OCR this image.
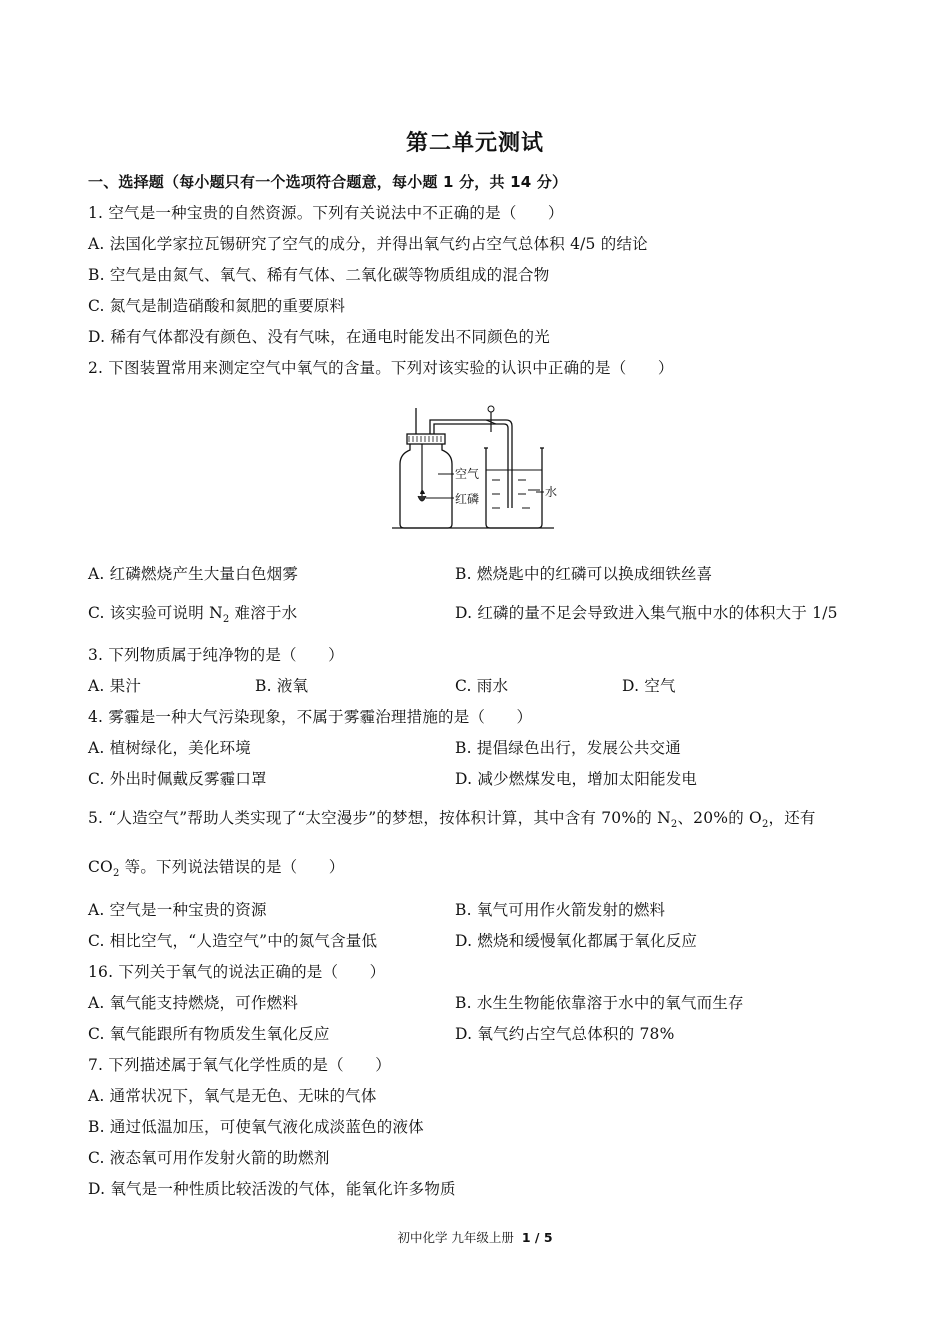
第二单元测试
一、选择题（每小题只有一个选项符合题意，每小题 1 分，共 14 分）
1. 空气是一种宝贵的自然资源。下列有关说法中不正确的是（　　）
A. 法国化学家拉瓦锡研究了空气的成分，并得出氧气约占空气总体积 4/5 的结论
B. 空气是由氮气、氧气、稀有气体、二氧化碳等物质组成的混合物
C. 氮气是制造硝酸和氮肥的重要原料
D. 稀有气体都没有颜色、没有气味，在通电时能发出不同颜色的光
2. 下图装置常用来测定空气中氧气的含量。下列对该实验的认识中正确的是（　　）
空气
红磷	水
A. 红磷燃烧产生大量白色烟雾	B. 燃烧匙中的红磷可以换成细铁丝喜
C. 该实验可说明 $N_2$ 难溶于水	D. 红磷的量不足会导致进入集气瓶中水的体积大于 1/5
3. 下列物质属于纯净物的是（　　）
A. 果汁	B. 液氧	C. 雨水	D. 空气
4. 雾霾是一种大气污染现象，不属于雾霾治理措施的是（　　）
A. 植树绿化，美化环境	B. 提倡绿色出行，发展公共交通
C. 外出时佩戴反雾霾口罩	D. 减少燃煤发电，增加太阳能发电
5. “人造空气”帮助人类实现了“太空漫步”的梦想，按体积计算，其中含有 70%的 $N_2$、20%的 $O_2$，还有
$CO_2$ 等。下列说法错误的是（　　）
A. 空气是一种宝贵的资源	B. 氧气可用作火箭发射的燃料
C. 相比空气，“人造空气”中的氮气含量低	D. 燃烧和缓慢氧化都属于氧化反应
16. 下列关于氧气的说法正确的是（　　）
A. 氧气能支持燃烧，可作燃料	B. 水生生物能依靠溶于水中的氧气而生存
C. 氧气能跟所有物质发生氧化反应	D. 氧气约占空气总体积的 78%
7. 下列描述属于氧气化学性质的是（　　）
A. 通常状况下，氧气是无色、无味的气体
B. 通过低温加压，可使氧气液化成淡蓝色的液体
C. 液态氧可用作发射火箭的助燃剂
D. 氧气是一种性质比较活泼的气体，能氧化许多物质
初中化学 九年级上册 1 / 5
